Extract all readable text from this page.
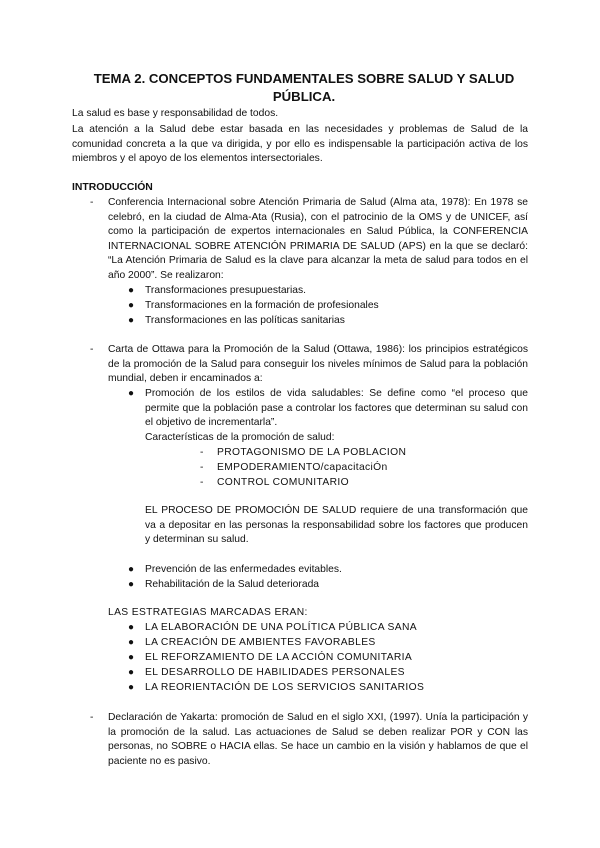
TEMA 2. CONCEPTOS FUNDAMENTALES SOBRE SALUD Y SALUD PÚBLICA.
La salud es base y responsabilidad de todos.
La atención a la Salud debe estar basada en las necesidades y problemas de Salud de la comunidad concreta a la que va dirigida, y por ello es indispensable la participación activa de los miembros y el apoyo de los elementos intersectoriales.
INTRODUCCIÓN
- Conferencia Internacional sobre Atención Primaria de Salud (Alma ata, 1978): En 1978 se celebró, en la ciudad de Alma-Ata (Rusia), con el patrocinio de la OMS y de UNICEF, así como la participación de expertos internacionales en Salud Pública, la CONFERENCIA INTERNACIONAL SOBRE ATENCIÓN PRIMARIA DE SALUD (APS) en la que se declaró: “La Atención Primaria de Salud es la clave para alcanzar la meta de salud para todos en el año 2000”. Se realizaron:
● Transformaciones presupuestarias.
● Transformaciones en la formación de profesionales
● Transformaciones en las políticas sanitarias
- Carta de Ottawa para la Promoción de la Salud (Ottawa, 1986): los principios estratégicos de la promoción de la Salud para conseguir los niveles mínimos de Salud para la población mundial, deben ir encaminados a:
● Promoción de los estilos de vida saludables: Se define como “el proceso que permite que la población pase a controlar los factores que determinan su salud con el objetivo de incrementarla”.
Características de la promoción de salud:
- PROTAGONISMO DE LA POBLACION
- EMPODERAMIENTO/capacitaciÓn
- CONTROL COMUNITARIO
EL PROCESO DE PROMOCIÓN DE SALUD requiere de una transformación que va a depositar en las personas la responsabilidad sobre los factores que producen y determinan su salud.
● Prevención de las enfermedades evitables.
● Rehabilitación de la Salud deteriorada
LAS ESTRATEGIAS MARCADAS ERAN:
● LA ELABORACIÓN DE UNA POLÍTICA PÚBLICA SANA
● LA CREACIÓN DE AMBIENTES FAVORABLES
● EL REFORZAMIENTO DE LA ACCIÓN COMUNITARIA
● EL DESARROLLO DE HABILIDADES PERSONALES
● LA REORIENTACIÓN DE LOS SERVICIOS SANITARIOS
- Declaración de Yakarta: promoción de Salud en el siglo XXI, (1997). Unía la participación y la promoción de la salud. Las actuaciones de Salud se deben realizar POR y CON las personas, no SOBRE o HACIA ellas. Se hace un cambio en la visión y hablamos de que el paciente no es pasivo.
